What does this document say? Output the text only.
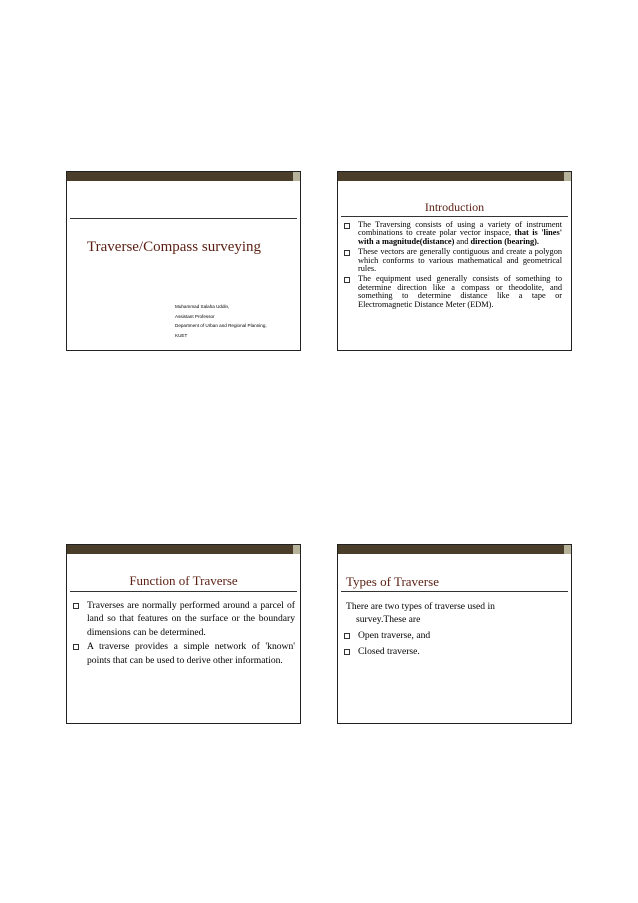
Traverse/Compass surveying
Muhammad Salaha Uddin,
Assistant Professor
Department of Urban and Regional Planning,
KUET
Introduction
The Traversing consists of using a variety of instrument combinations to create polar vector inspace, that is 'lines' with a magnitude(distance) and direction (bearing).
These vectors are generally contiguous and create a polygon which conforms to various mathematical and geometrical rules.
The equipment used generally consists of something to determine direction like a compass or theodolite, and something to determine distance like a tape or Electromagnetic Distance Meter (EDM).
Function of Traverse
Traverses are normally performed around a parcel of land so that features on the surface or the boundary dimensions can be determined.
A traverse provides a simple network of 'known' points that can be used to derive other information.
Types of Traverse
There are two types of traverse used in survey.These are
Open traverse, and
Closed traverse.
